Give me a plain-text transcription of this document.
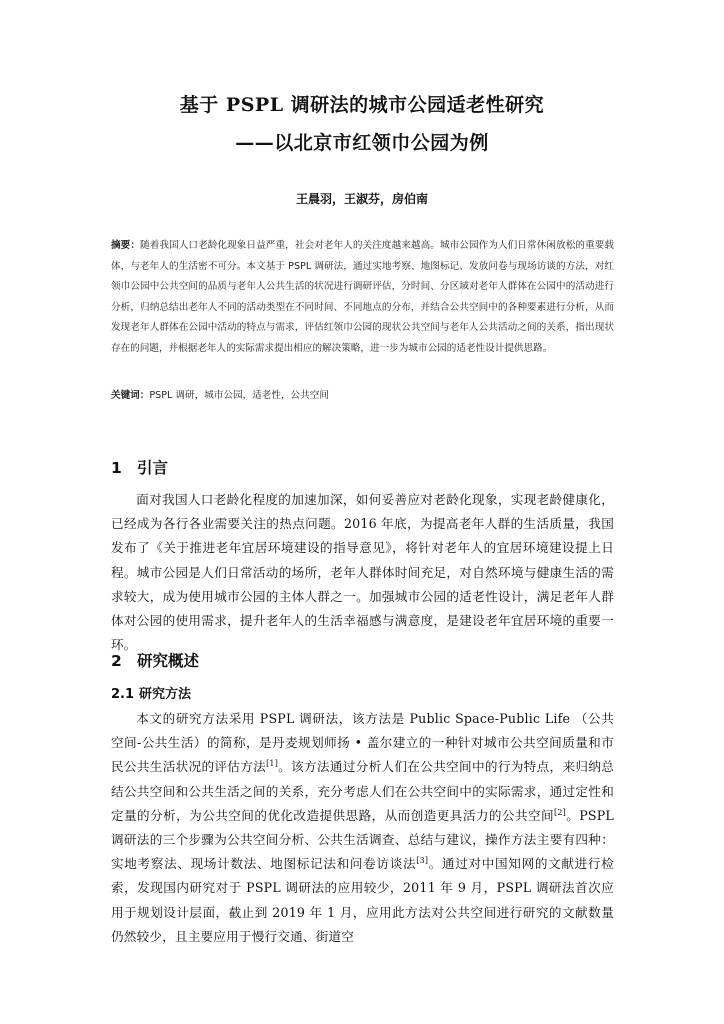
基于 PSPL 调研法的城市公园适老性研究
——以北京市红领巾公园为例
王晨羽，王淑芬，房伯南
摘要：随着我国人口老龄化现象日益严重，社会对老年人的关注度越来越高。城市公园作为人们日常休闲放松的重要载体，与老年人的生活密不可分。本文基于 PSPL 调研法，通过实地考察、地图标记、发放问卷与现场访谈的方法，对红领巾公园中公共空间的品质与老年人公共生活的状况进行调研评估，分时间、分区域对老年人群体在公园中的活动进行分析，归纳总结出老年人不同的活动类型在不同时间、不同地点的分布，并结合公共空间中的各种要素进行分析，从而发现老年人群体在公园中活动的特点与需求，评估红领巾公园的现状公共空间与老年人公共活动之间的关系，指出现状存在的问题，并根据老年人的实际需求提出相应的解决策略，进一步为城市公园的适老性设计提供思路。
关键词：PSPL 调研，城市公园，适老性，公共空间
1 引言
面对我国人口老龄化程度的加速加深，如何妥善应对老龄化现象，实现老龄健康化，已经成为各行各业需要关注的热点问题。2016 年底，为提高老年人群的生活质量，我国发布了《关于推进老年宜居环境建设的指导意见》，将针对老年人的宜居环境建设提上日程。城市公园是人们日常活动的场所，老年人群体时间充足，对自然环境与健康生活的需求较大，成为使用城市公园的主体人群之一。加强城市公园的适老性设计，满足老年人群体对公园的使用需求，提升老年人的生活幸福感与满意度，是建设老年宜居环境的重要一环。
2 研究概述
2.1 研究方法
本文的研究方法采用 PSPL 调研法，该方法是 Public Space-Public Life （公共空间-公共生活）的简称，是丹麦规划师扬 • 盖尔建立的一种针对城市公共空间质量和市民公共生活状况的评估方法[1]。该方法通过分析人们在公共空间中的行为特点，来归纳总结公共空间和公共生活之间的关系，充分考虑人们在公共空间中的实际需求，通过定性和定量的分析，为公共空间的优化改造提供思路，从而创造更具活力的公共空间[2]。PSPL 调研法的三个步骤为公共空间分析、公共生活调查、总结与建议，操作方法主要有四种：实地考察法、现场计数法、地图标记法和问卷访谈法[3]。通过对中国知网的文献进行检索，发现国内研究对于 PSPL 调研法的应用较少，2011 年 9 月，PSPL 调研法首次应用于规划设计层面，截止到 2019 年 1 月，应用此方法对公共空间进行研究的文献数量仍然较少，且主要应用于慢行交通、街道空
